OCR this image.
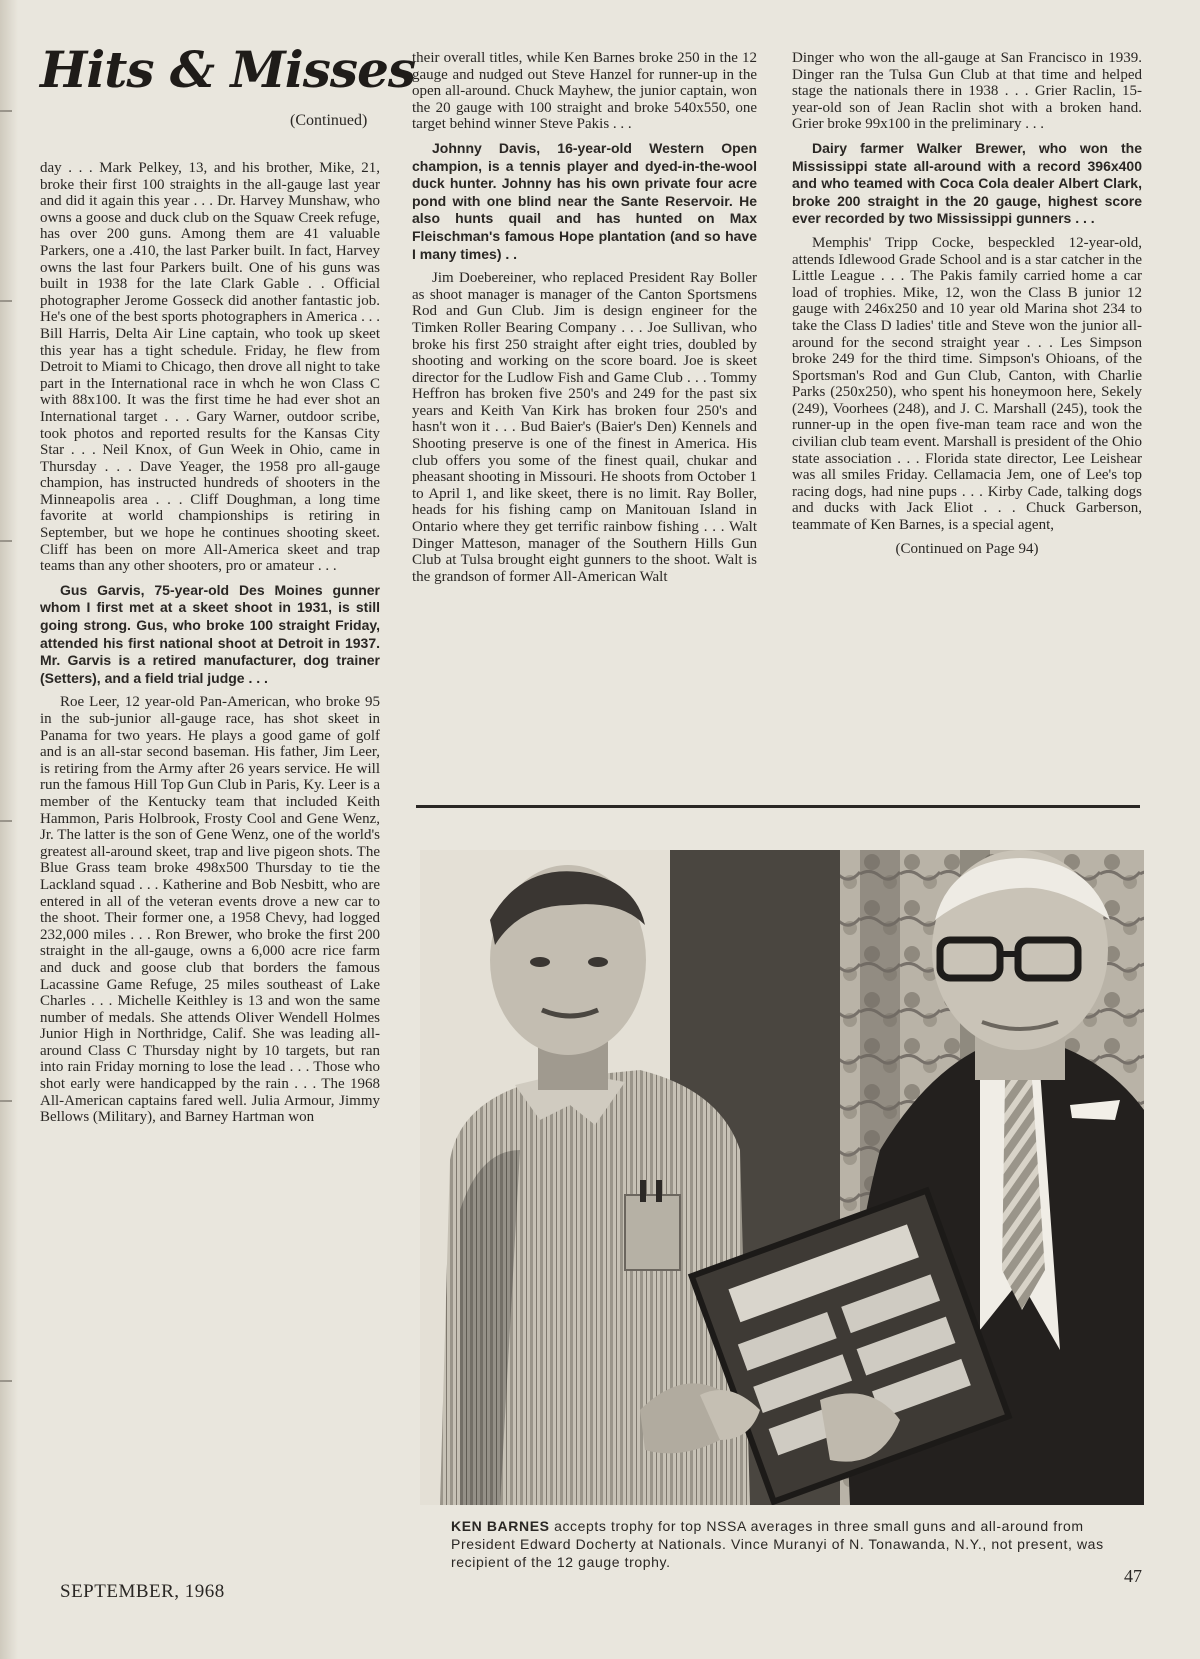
Hits & Misses
(Continued)

day . . . Mark Pelkey, 13, and his brother, Mike, 21, broke their first 100 straights in the all-gauge last year and did it again this year . . . Dr. Harvey Munshaw, who owns a goose and duck club on the Squaw Creek refuge, has over 200 guns. Among them are 41 valuable Parkers, one a .410, the last Parker built. In fact, Harvey owns the last four Parkers built. One of his guns was built in 1938 for the late Clark Gable . . Official photographer Jerome Gosseck did another fantastic job. He's one of the best sports photographers in America . . . Bill Harris, Delta Air Line captain, who took up skeet this year has a tight schedule. Friday, he flew from Detroit to Miami to Chicago, then drove all night to take part in the International race in whch he won Class C with 88x100. It was the first time he had ever shot an International target . . . Gary Warner, outdoor scribe, took photos and reported results for the Kansas City Star . . . Neil Knox, of Gun Week in Ohio, came in Thursday . . . Dave Yeager, the 1958 pro all-gauge champion, has instructed hundreds of shooters in the Minneapolis area . . . Cliff Doughman, a long time favorite at world championships is retiring in September, but we hope he continues shooting skeet. Cliff has been on more All-America skeet and trap teams than any other shooters, pro or amateur . . .

Gus Garvis, 75-year-old Des Moines gunner whom I first met at a skeet shoot in 1931, is still going strong. Gus, who broke 100 straight Friday, attended his first national shoot at Detroit in 1937. Mr. Garvis is a retired manufacturer, dog trainer (Setters), and a field trial judge . . .

Roe Leer, 12 year-old Pan-American, who broke 95 in the sub-junior all-gauge race, has shot skeet in Panama for two years. He plays a good game of golf and is an all-star second baseman. His father, Jim Leer, is retiring from the Army after 26 years service. He will run the famous Hill Top Gun Club in Paris, Ky. Leer is a member of the Kentucky team that included Keith Hammon, Paris Holbrook, Frosty Cool and Gene Wenz, Jr. The latter is the son of Gene Wenz, one of the world's greatest all-around skeet, trap and live pigeon shots. The Blue Grass team broke 498x500 Thursday to tie the Lackland squad . . . Katherine and Bob Nesbitt, who are entered in all of the veteran events drove a new car to the shoot. Their former one, a 1958 Chevy, had logged 232,000 miles . . . Ron Brewer, who broke the first 200 straight in the all-gauge, owns a 6,000 acre rice farm and duck and goose club that borders the famous Lacassine Game Refuge, 25 miles southeast of Lake Charles . . . Michelle Keithley is 13 and won the same number of medals. She attends Oliver Wendell Holmes Junior High in Northridge, Calif. She was leading all-around Class C Thursday night by 10 targets, but ran into rain Friday morning to lose the lead . . . Those who shot early were handicapped by the rain . . . The 1968 All-American captains fared well. Julia Armour, Jimmy Bellows (Military), and Barney Hartman won

their overall titles, while Ken Barnes broke 250 in the 12 gauge and nudged out Steve Hanzel for runner-up in the open all-around. Chuck Mayhew, the junior captain, won the 20 gauge with 100 straight and broke 540x550, one target behind winner Steve Pakis . . .

Johnny Davis, 16-year-old Western Open champion, is a tennis player and dyed-in-the-wool duck hunter. Johnny has his own private four acre pond with one blind near the Sante Reservoir. He also hunts quail and has hunted on Max Fleischman's famous Hope plantation (and so have I many times) . .

Jim Doebereiner, who replaced President Ray Boller as shoot manager is manager of the Canton Sportsmens Rod and Gun Club. Jim is design engineer for the Timken Roller Bearing Company . . . Joe Sullivan, who broke his first 250 straight after eight tries, doubled by shooting and working on the score board. Joe is skeet director for the Ludlow Fish and Game Club . . . Tommy Heffron has broken five 250's and 249 for the past six years and Keith Van Kirk has broken four 250's and hasn't won it . . . Bud Baier's (Baier's Den) Kennels and Shooting preserve is one of the finest in America. His club offers you some of the finest quail, chukar and pheasant shooting in Missouri. He shoots from October 1 to April 1, and like skeet, there is no limit. Ray Boller, heads for his fishing camp on Manitouan Island in Ontario where they get terrific rainbow fishing . . . Walt Dinger Matteson, manager of the Southern Hills Gun Club at Tulsa brought eight gunners to the shoot. Walt is the grandson of former All-American Walt

Dinger who won the all-gauge at San Francisco in 1939. Dinger ran the Tulsa Gun Club at that time and helped stage the nationals there in 1938 . . . Grier Raclin, 15-year-old son of Jean Raclin shot with a broken hand. Grier broke 99x100 in the preliminary . . .

Dairy farmer Walker Brewer, who won the Mississippi state all-around with a record 396x400 and who teamed with Coca Cola dealer Albert Clark, broke 200 straight in the 20 gauge, highest score ever recorded by two Mississippi gunners . . .

Memphis' Tripp Cocke, bespeckled 12-year-old, attends Idlewood Grade School and is a star catcher in the Little League . . . The Pakis family carried home a car load of trophies. Mike, 12, won the Class B junior 12 gauge with 246x250 and 10 year old Marina shot 234 to take the Class D ladies' title and Steve won the junior all-around for the second straight year . . . Les Simpson broke 249 for the third time. Simpson's Ohioans, of the Sportsman's Rod and Gun Club, Canton, with Charlie Parks (250x250), who spent his honeymoon here, Sekely (249), Voorhees (248), and J. C. Marshall (245), took the runner-up in the open five-man team race and won the civilian club team event. Marshall is president of the Ohio state association . . . Florida state director, Lee Leishear was all smiles Friday. Cellamacia Jem, one of Lee's top racing dogs, had nine pups . . . Kirby Cade, talking dogs and ducks with Jack Eliot . . . Chuck Garberson, teammate of Ken Barnes, is a special agent,

(Continued on Page 94)

KEN BARNES accepts trophy for top NSSA averages in three small guns and all-around from President Edward Docherty at Nationals. Vince Muranyi of N. Tonawanda, N.Y., not present, was recipient of the 12 gauge trophy.
SEPTEMBER, 1968
47
